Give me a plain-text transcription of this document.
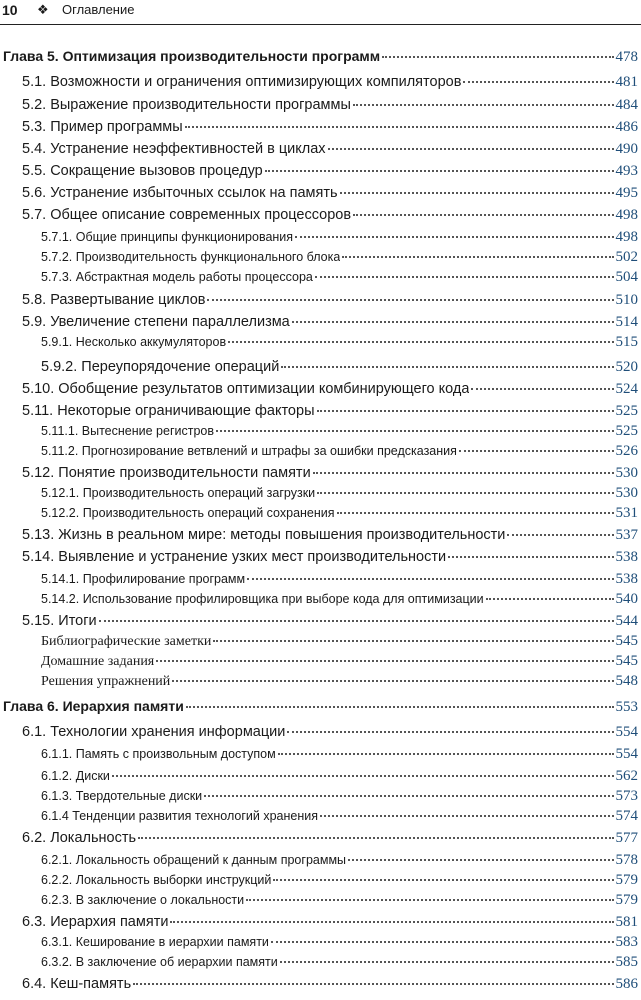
10 ❖ Оглавление
Глава 5. Оптимизация производительности программ	478
5.1. Возможности и ограничения оптимизирующих компиляторов	481
5.2. Выражение производительности программы	484
5.3. Пример программы	486
5.4. Устранение неэффективностей в циклах	490
5.5. Сокращение вызовов процедур	493
5.6. Устранение избыточных ссылок на память	495
5.7. Общее описание современных процессоров	498
5.7.1. Общие принципы функционирования	498
5.7.2. Производительность функционального блока	502
5.7.3. Абстрактная модель работы процессора	504
5.8. Развертывание циклов	510
5.9. Увеличение степени параллелизма	514
5.9.1. Несколько аккумуляторов	515
5.9.2. Переупорядочение операций	520
5.10. Обобщение результатов оптимизации комбинирующего кода	524
5.11. Некоторые ограничивающие факторы	525
5.11.1. Вытеснение регистров	525
5.11.2. Прогнозирование ветвлений и штрафы за ошибки предсказания	526
5.12. Понятие производительности памяти	530
5.12.1. Производительность операций загрузки	530
5.12.2. Производительность операций сохранения	531
5.13. Жизнь в реальном мире: методы повышения производительности	537
5.14. Выявление и устранение узких мест производительности	538
5.14.1. Профилирование программ	538
5.14.2. Использование профилировщика при выборе кода для оптимизации	540
5.15. Итоги	544
Библиографические заметки	545
Домашние задания	545
Решения упражнений	548
Глава 6. Иерархия памяти	553
6.1. Технологии хранения информации	554
6.1.1. Память с произвольным доступом	554
6.1.2. Диски	562
6.1.3. Твердотельные диски	573
6.1.4 Тенденции развития технологий хранения	574
6.2. Локальность	577
6.2.1. Локальность обращений к данным программы	578
6.2.2. Локальность выборки инструкций	579
6.2.3. В заключение о локальности	579
6.3. Иерархия памяти	581
6.3.1. Кеширование в иерархии памяти	583
6.3.2. В заключение об иерархии памяти	585
6.4. Кеш-память	586
